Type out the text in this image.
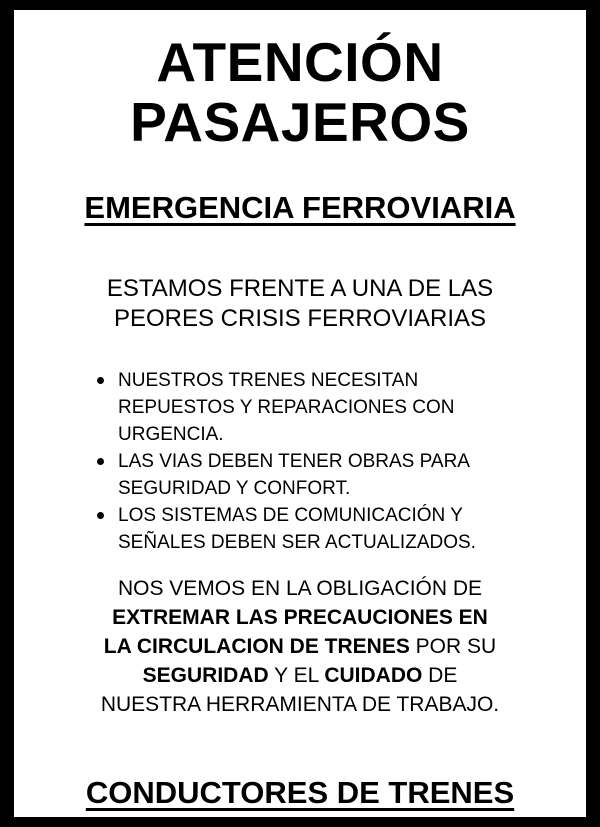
ATENCIÓN
PASAJEROS
EMERGENCIA FERROVIARIA
ESTAMOS FRENTE A UNA DE LAS
PEORES CRISIS FERROVIARIAS
NUESTROS TRENES NECESITAN
REPUESTOS Y REPARACIONES CON
URGENCIA.
LAS VIAS DEBEN TENER OBRAS PARA
SEGURIDAD Y CONFORT.
LOS SISTEMAS DE COMUNICACIÓN Y
SEÑALES DEBEN SER ACTUALIZADOS.
NOS VEMOS EN LA OBLIGACIÓN DE
EXTREMAR LAS PRECAUCIONES EN
LA CIRCULACION DE TRENES POR SU
SEGURIDAD Y EL CUIDADO DE
NUESTRA HERRAMIENTA DE TRABAJO.
CONDUCTORES DE TRENES
